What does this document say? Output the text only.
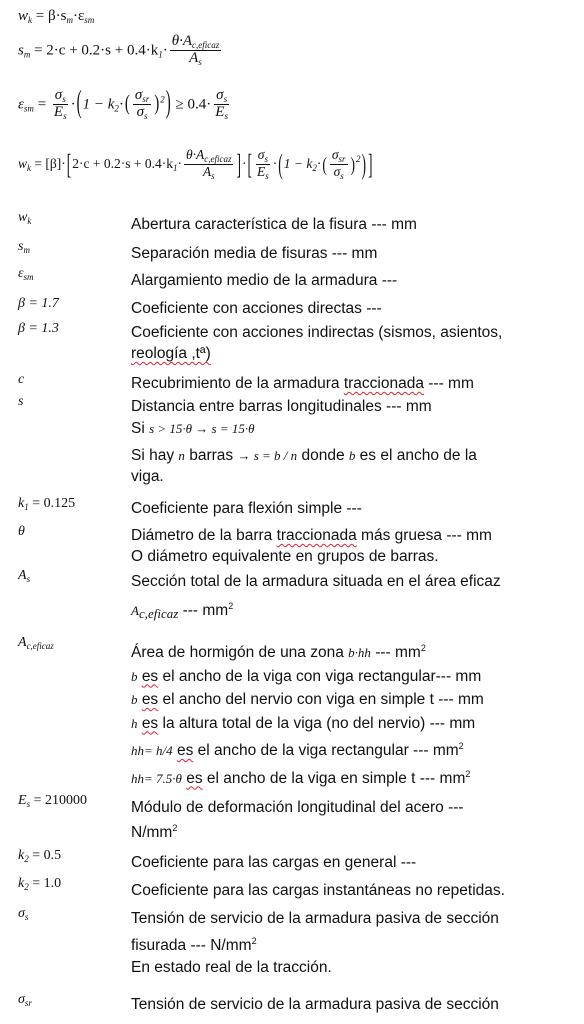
$w_k = \beta\cdot s_m\cdot\varepsilon_{sm}$
$s_m = 2\cdot c + 0.2\cdot s + 0.4\cdot k_1\cdot \frac{\theta\cdot A_{c,eficaz}}{A_s}$
$\varepsilon_{sm} = \frac{\sigma_s}{E_s} \cdot(1 - k_2\cdot( \frac{\sigma_{sr}}{\sigma_s} )^2) \ge 0.4\cdot \frac{\sigma_s}{E_s}$
$w_k = [\beta]\cdot[2\cdot c + 0.2\cdot s + 0.4\cdot k_1\cdot \frac{\theta\cdot A_{c,eficaz}}{A_s}$ ]·[ $\frac{\sigma_s}{E_s} \cdot(1 - k_2\cdot( \frac{\sigma_{sr}}{\sigma_s} )^2)$ ]
$w_k$	Abertura característica de la fisura --- mm
$s_m$	Separación media de fisuras --- mm
$\varepsilon_{sm}$	Alargamiento medio de la armadura ---
β = 1.7	Coeficiente con acciones directas ---
β = 1.3	Coeficiente con acciones indirectas (sismos, asientos,
reología ,tª)
c	Recubrimiento de la armadura traccionada --- mm
s	Distancia entre barras longitudinales --- mm
Si s > 15·θ → s = 15·θ
Si hay n barras → s = b / n donde b es el ancho de la
viga.
$k_1 = 0.125$	Coeficiente para flexión simple ---
θ	Diámetro de la barra traccionada más gruesa --- mm
O diámetro equivalente en grupos de barras.
$A_s$	Sección total de la armadura situada en el área eficaz
$A_{c,eficaz}$ --- $mm^2$
$A_{c,eficaz}$	Área de hormigón de una zona b·hh --- $mm^2$
b es el ancho de la viga con viga rectangular--- mm
b es el ancho del nervio con viga en simple t --- mm
h es la altura total de la viga (no del nervio) --- mm
hh= h/4 es el ancho de la viga rectangular --- $mm^2$
hh= 7.5·θ es el ancho de la viga en simple t --- $mm^2$
$E_s = 210000$	Módulo de deformación longitudinal del acero ---
$N/mm^2$
$k_2 = 0.5$	Coeficiente para las cargas en general ---
$k_2 = 1.0$	Coeficiente para las cargas instantáneas no repetidas.
$\sigma_s$	Tensión de servicio de la armadura pasiva de sección
fisurada --- $N/mm^2$
En estado real de la tracción.
$\sigma_{sr}$	Tensión de servicio de la armadura pasiva de sección
